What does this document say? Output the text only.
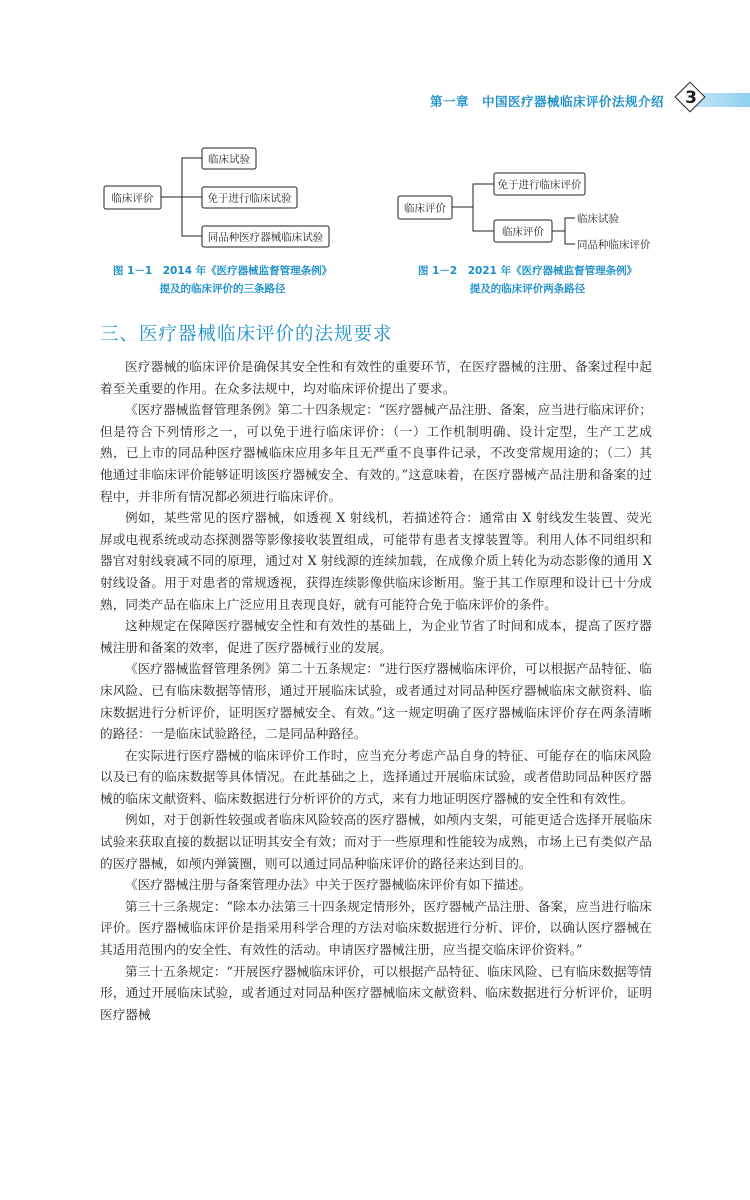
第一章　中国医疗器械临床评价法规介绍	3
临床评价
临床试验
免于进行临床试验
同品种医疗器械临床试验
临床评价
免于进行临床评价
临床评价
临床试验
同品种临床评价
图 1－1　2014 年《医疗器械监督管理条例》
提及的临床评价的三条路径
图 1－2　2021 年《医疗器械监督管理条例》
提及的临床评价两条路径
三、医疗器械临床评价的法规要求

医疗器械的临床评价是确保其安全性和有效性的重要环节，在医疗器械的注册、备案过程中起着至关重要的作用。在众多法规中，均对临床评价提出了要求。

《医疗器械监督管理条例》第二十四条规定：“医疗器械产品注册、备案，应当进行临床评价；但是符合下列情形之一，可以免于进行临床评价：（一）工作机制明确、设计定型，生产工艺成熟，已上市的同品种医疗器械临床应用多年且无严重不良事件记录，不改变常规用途的；（二）其他通过非临床评价能够证明该医疗器械安全、有效的。”这意味着，在医疗器械产品注册和备案的过程中，并非所有情况都必须进行临床评价。

例如，某些常见的医疗器械，如透视 X 射线机，若描述符合：通常由 X 射线发生装置、荧光屏或电视系统或动态探测器等影像接收装置组成，可能带有患者支撑装置等。利用人体不同组织和器官对射线衰减不同的原理，通过对 X 射线源的连续加载，在成像介质上转化为动态影像的通用 X 射线设备。用于对患者的常规透视，获得连续影像供临床诊断用。鉴于其工作原理和设计已十分成熟，同类产品在临床上广泛应用且表现良好，就有可能符合免于临床评价的条件。

这种规定在保障医疗器械安全性和有效性的基础上，为企业节省了时间和成本，提高了医疗器械注册和备案的效率，促进了医疗器械行业的发展。

《医疗器械监督管理条例》第二十五条规定：“进行医疗器械临床评价，可以根据产品特征、临床风险、已有临床数据等情形，通过开展临床试验，或者通过对同品种医疗器械临床文献资料、临床数据进行分析评价，证明医疗器械安全、有效。”这一规定明确了医疗器械临床评价存在两条清晰的路径：一是临床试验路径，二是同品种路径。

在实际进行医疗器械的临床评价工作时，应当充分考虑产品自身的特征、可能存在的临床风险以及已有的临床数据等具体情况。在此基础之上，选择通过开展临床试验，或者借助同品种医疗器械的临床文献资料、临床数据进行分析评价的方式，来有力地证明医疗器械的安全性和有效性。

例如，对于创新性较强或者临床风险较高的医疗器械，如颅内支架，可能更适合选择开展临床试验来获取直接的数据以证明其安全有效；而对于一些原理和性能较为成熟，市场上已有类似产品的医疗器械，如颅内弹簧圈，则可以通过同品种临床评价的路径来达到目的。

《医疗器械注册与备案管理办法》中关于医疗器械临床评价有如下描述。

第三十三条规定：“除本办法第三十四条规定情形外，医疗器械产品注册、备案，应当进行临床评价。医疗器械临床评价是指采用科学合理的方法对临床数据进行分析、评价，以确认医疗器械在其适用范围内的安全性、有效性的活动。申请医疗器械注册，应当提交临床评价资料。”

第三十五条规定：“开展医疗器械临床评价，可以根据产品特征、临床风险、已有临床数据等情形，通过开展临床试验，或者通过对同品种医疗器械临床文献资料、临床数据进行分析评价，证明医疗器械
